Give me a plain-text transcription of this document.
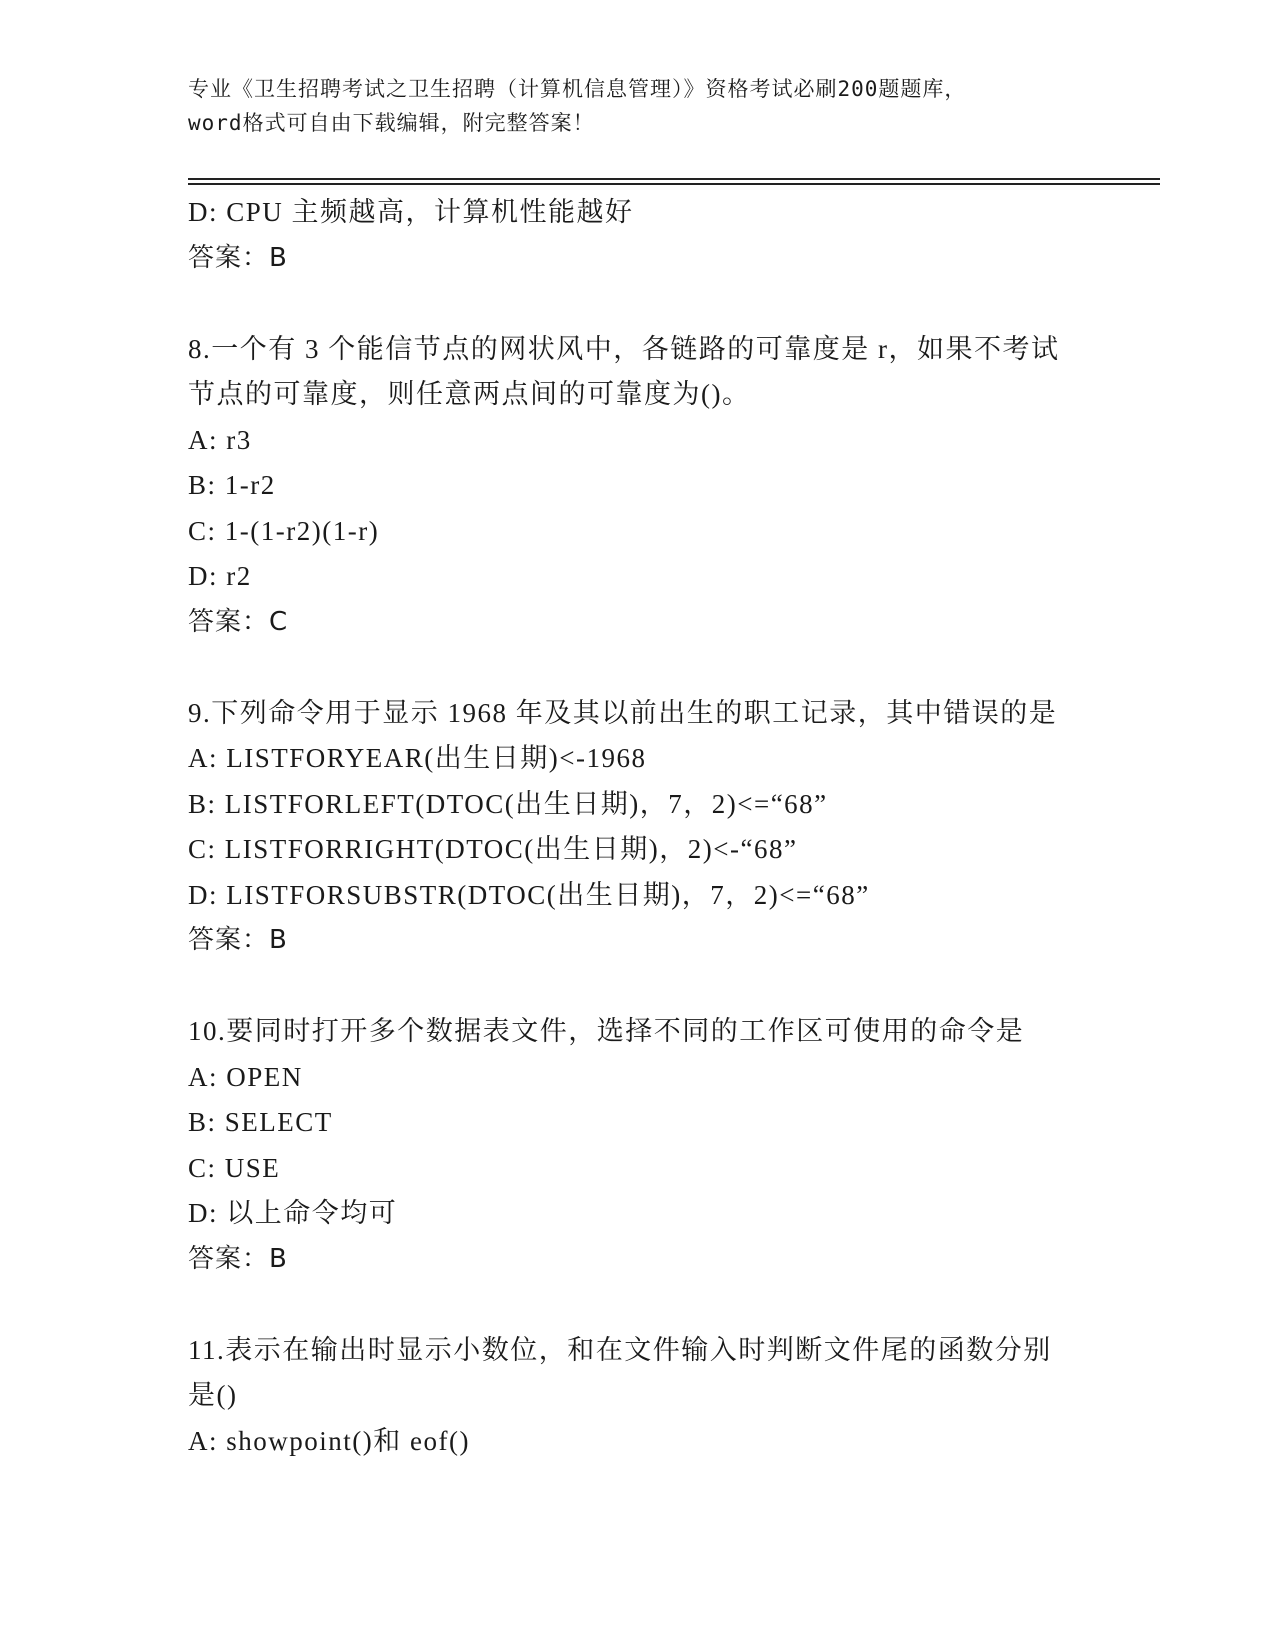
专业《卫生招聘考试之卫生招聘（计算机信息管理）》资格考试必刷200题题库，
word格式可自由下载编辑，附完整答案！
D: CPU 主频越高，计算机性能越好
答案：B
8.一个有 3 个能信节点的网状风中，各链路的可靠度是 r，如果不考试
节点的可靠度，则任意两点间的可靠度为()。
A: r3
B: 1-r2
C: 1-(1-r2)(1-r)
D: r2
答案：C
9.下列命令用于显示 1968 年及其以前出生的职工记录，其中错误的是
A: LISTFORYEAR(出生日期)<-1968
B: LISTFORLEFT(DTOC(出生日期)，7，2)<=“68”
C: LISTFORRIGHT(DTOC(出生日期)，2)<-“68”
D: LISTFORSUBSTR(DTOC(出生日期)，7，2)<=“68”
答案：B
10.要同时打开多个数据表文件，选择不同的工作区可使用的命令是
A: OPEN
B: SELECT
C: USE
D: 以上命令均可
答案：B
11.表示在输出时显示小数位，和在文件输入时判断文件尾的函数分别
是()
A: showpoint()和 eof()
